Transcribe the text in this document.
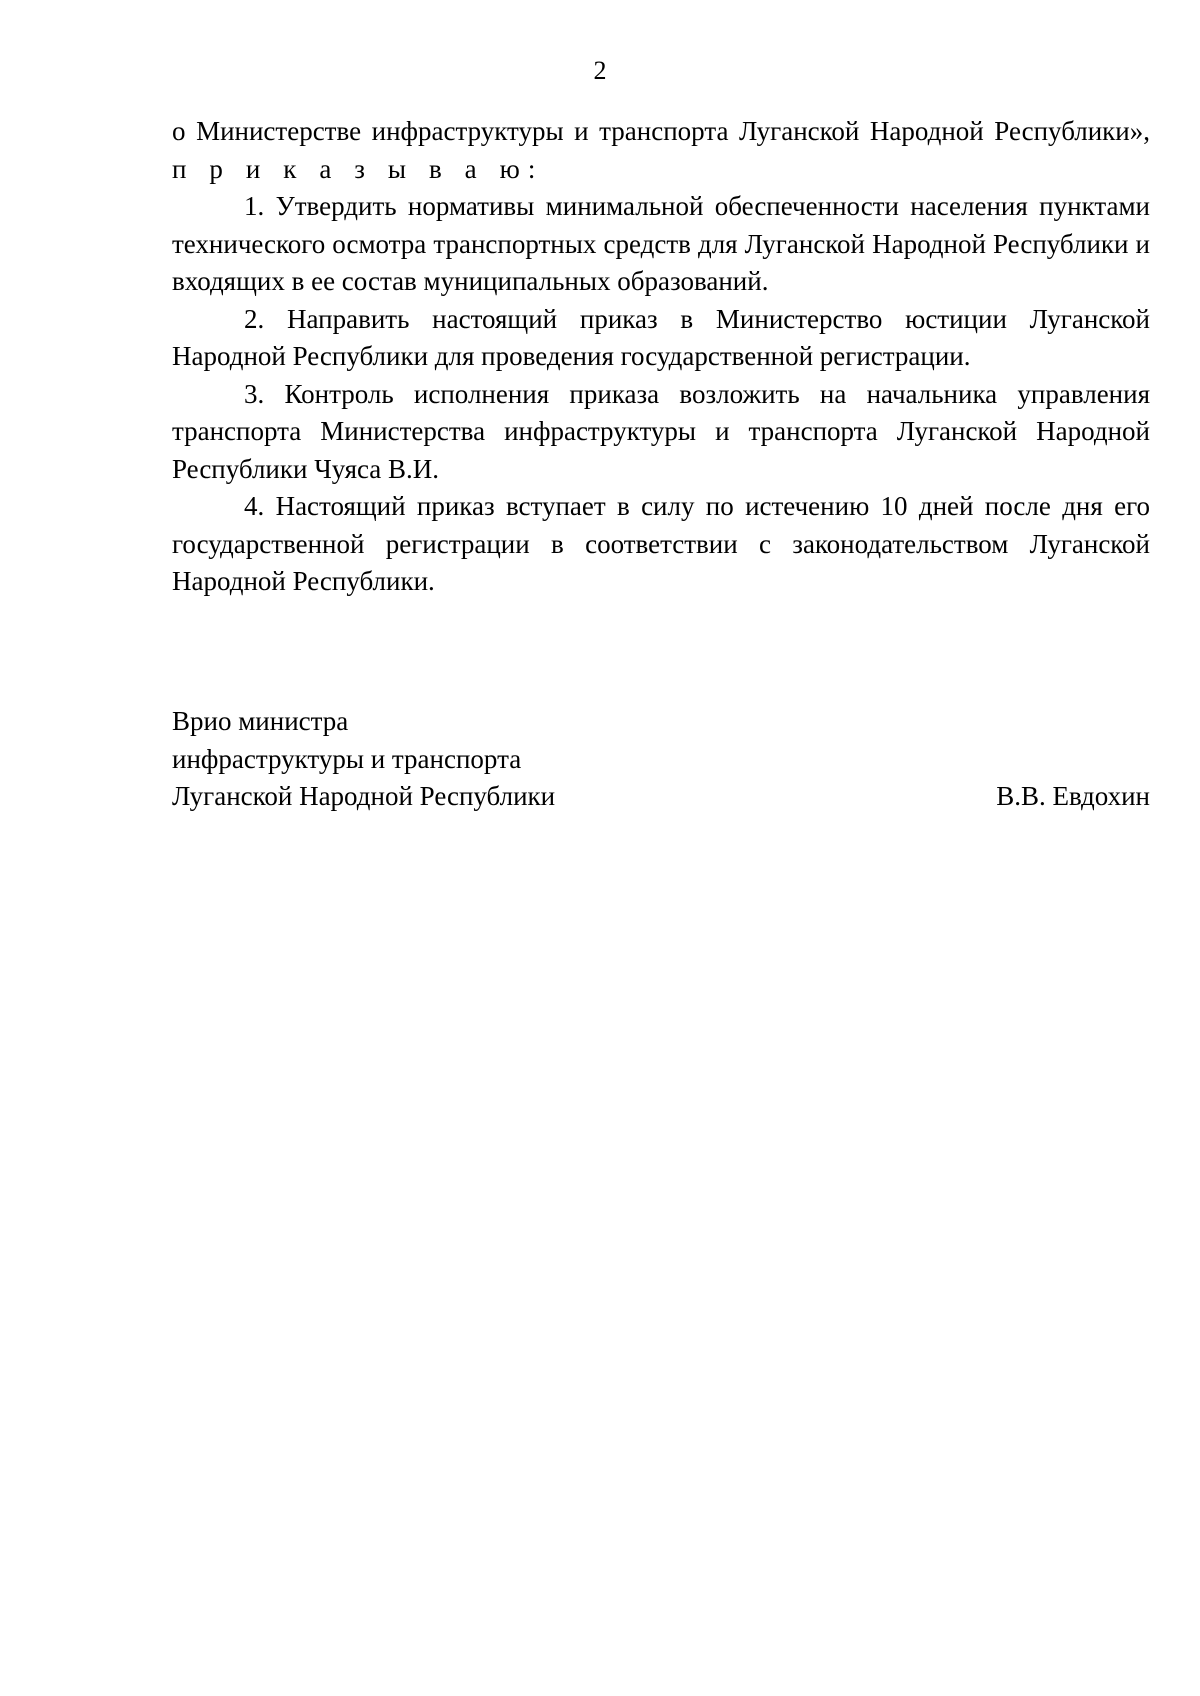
2

о Министерстве инфраструктуры и транспорта Луганской Народной Республики», п р и к а з ы в а ю:

1. Утвердить нормативы минимальной обеспеченности населения пунктами технического осмотра транспортных средств для Луганской Народной Республики и входящих в ее состав муниципальных образований.

2. Направить настоящий приказ в Министерство юстиции Луганской Народной Республики для проведения государственной регистрации.

3. Контроль исполнения приказа возложить на начальника управления транспорта Министерства инфраструктуры и транспорта Луганской Народной Республики Чуяса В.И.

4. Настоящий приказ вступает в силу по истечению 10 дней после дня его государственной регистрации в соответствии с законодательством Луганской Народной Республики.

Врио министра
инфраструктуры и транспорта
Луганской Народной Республики	В.В. Евдохин
